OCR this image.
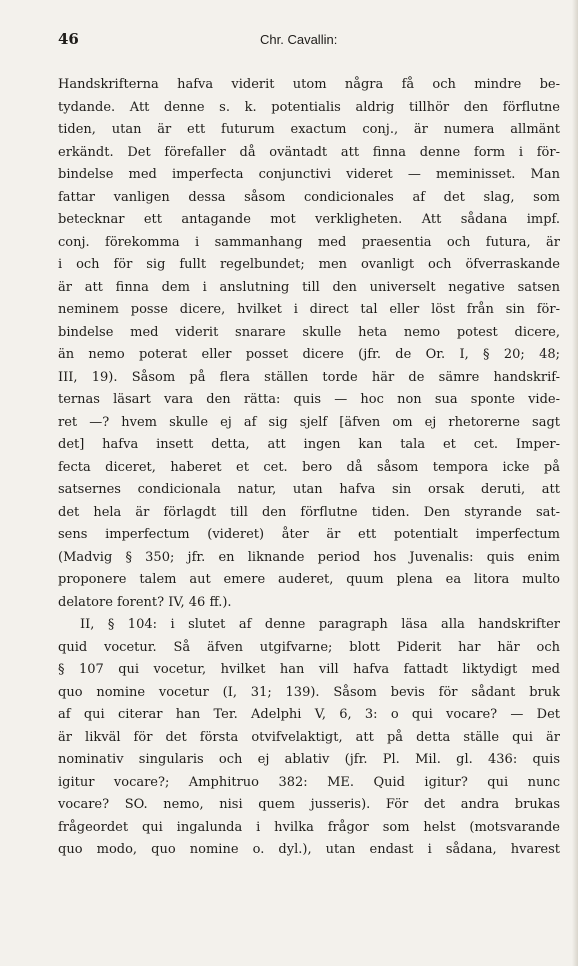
46	Chr. Cavallin:
Handskrifterna hafva viderit utom några få och mindre be-
tydande. Att denne s. k. potentialis aldrig tillhör den förflutne
tiden, utan är ett futurum exactum conj., är numera allmänt
erkändt. Det förefaller då oväntadt att finna denne form i för-
bindelse med imperfecta conjunctivi videret — meminisset. Man
fattar vanligen dessa såsom condicionales af det slag, som
betecknar ett antagande mot verkligheten. Att sådana impf.
conj. förekomma i sammanhang med praesentia och futura, är
i och för sig fullt regelbundet; men ovanligt och öfverraskande
är att finna dem i anslutning till den universelt negative satsen
neminem posse dicere, hvilket i direct tal eller löst från sin för-
bindelse med viderit snarare skulle heta nemo potest dicere,
än nemo poterat eller posset dicere (jfr. de Or. I, § 20; 48;
III, 19). Såsom på flera ställen torde här de sämre handskrif-
ternas läsart vara den rätta: quis — hoc non sua sponte vide-
ret —? hvem skulle ej af sig sjelf [äfven om ej rhetorerne sagt
det] hafva insett detta, att ingen kan tala et cet. Imper-
fecta diceret, haberet et cet. bero då såsom tempora icke på
satsernes condicionala natur, utan hafva sin orsak deruti, att
det hela är förlagdt till den förflutne tiden. Den styrande sat-
sens imperfectum (videret) åter är ett potentialt imperfectum
(Madvig § 350; jfr. en liknande period hos Juvenalis: quis enim
proponere talem aut emere auderet, quum plena ea litora multo
delatore forent? IV, 46 ff.).
II, § 104: i slutet af denne paragraph läsa alla handskrifter
quid vocetur. Så äfven utgifvarne; blott Piderit har här och
§ 107 qui vocetur, hvilket han vill hafva fattadt liktydigt med
quo nomine vocetur (I, 31; 139). Såsom bevis för sådant bruk
af qui citerar han Ter. Adelphi V, 6, 3: o qui vocare? — Det
är likväl för det första otvifvelaktigt, att på detta ställe qui är
nominativ singularis och ej ablativ (jfr. Pl. Mil. gl. 436: quis
igitur vocare?; Amphitruo 382: ME. Quid igitur? qui nunc
vocare? SO. nemo, nisi quem jusseris). För det andra brukas
frågeordet qui ingalunda i hvilka frågor som helst (motsvarande
quo modo, quo nomine o. dyl.), utan endast i sådana, hvarest
